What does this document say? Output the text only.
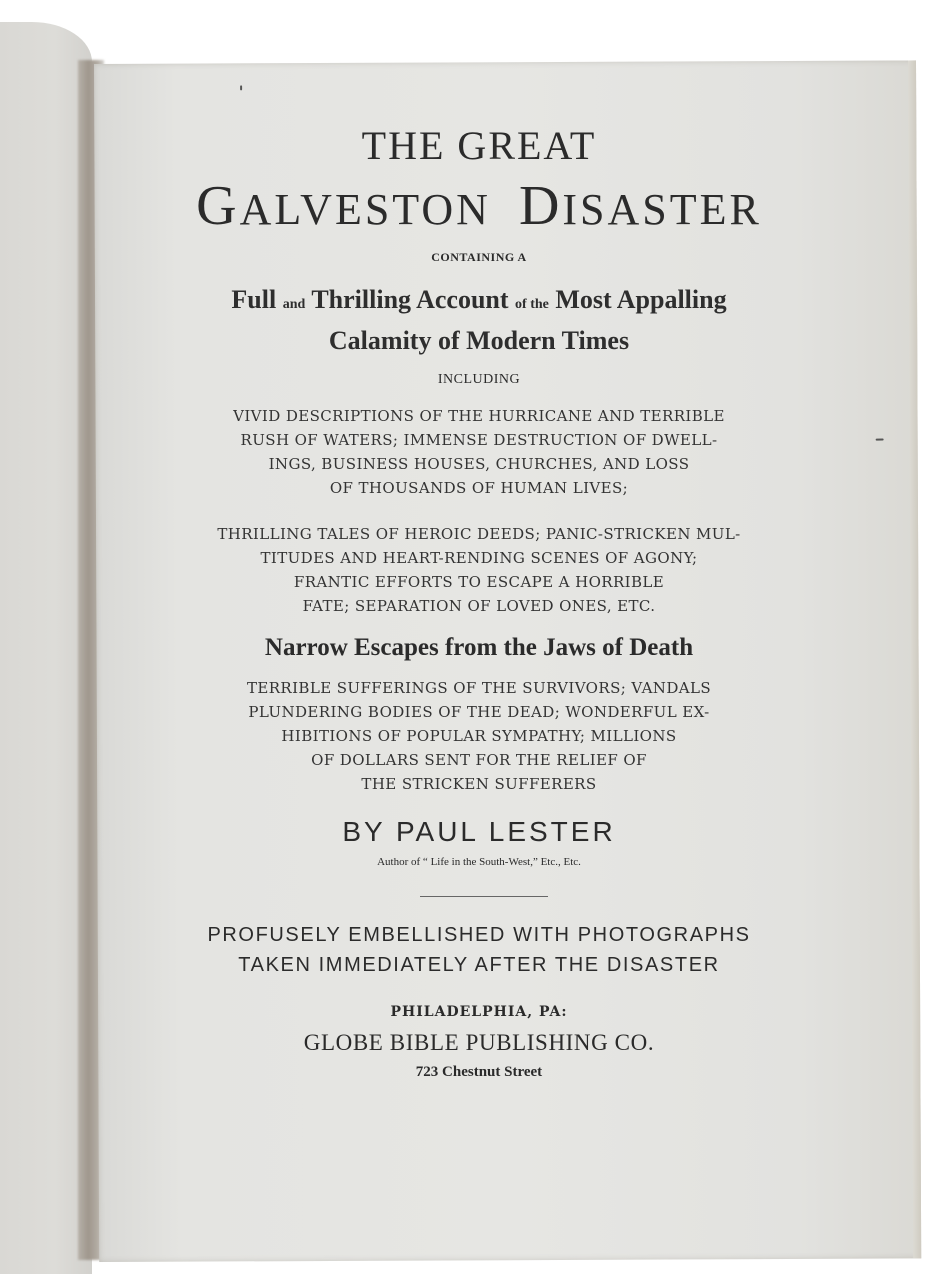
THE GREAT
GALVESTON DISASTER
CONTAINING A
Full and Thrilling Account of the Most Appalling
Calamity of Modern Times
INCLUDING
VIVID DESCRIPTIONS OF THE HURRICANE AND TERRIBLE
RUSH OF WATERS; IMMENSE DESTRUCTION OF DWELL-
INGS, BUSINESS HOUSES, CHURCHES, AND LOSS
OF THOUSANDS OF HUMAN LIVES;
THRILLING TALES OF HEROIC DEEDS; PANIC-STRICKEN MUL-
TITUDES AND HEART-RENDING SCENES OF AGONY;
FRANTIC EFFORTS TO ESCAPE A HORRIBLE
FATE; SEPARATION OF LOVED ONES, ETC.
Narrow Escapes from the Jaws of Death
TERRIBLE SUFFERINGS OF THE SURVIVORS; VANDALS
PLUNDERING BODIES OF THE DEAD; WONDERFUL EX-
HIBITIONS OF POPULAR SYMPATHY; MILLIONS
OF DOLLARS SENT FOR THE RELIEF OF
THE STRICKEN SUFFERERS
BY PAUL LESTER
Author of “ Life in the South-West,” Etc., Etc.
PROFUSELY EMBELLISHED WITH PHOTOGRAPHS
TAKEN IMMEDIATELY AFTER THE DISASTER
PHILADELPHIA, PA:
GLOBE BIBLE PUBLISHING CO.
723 Chestnut Street
